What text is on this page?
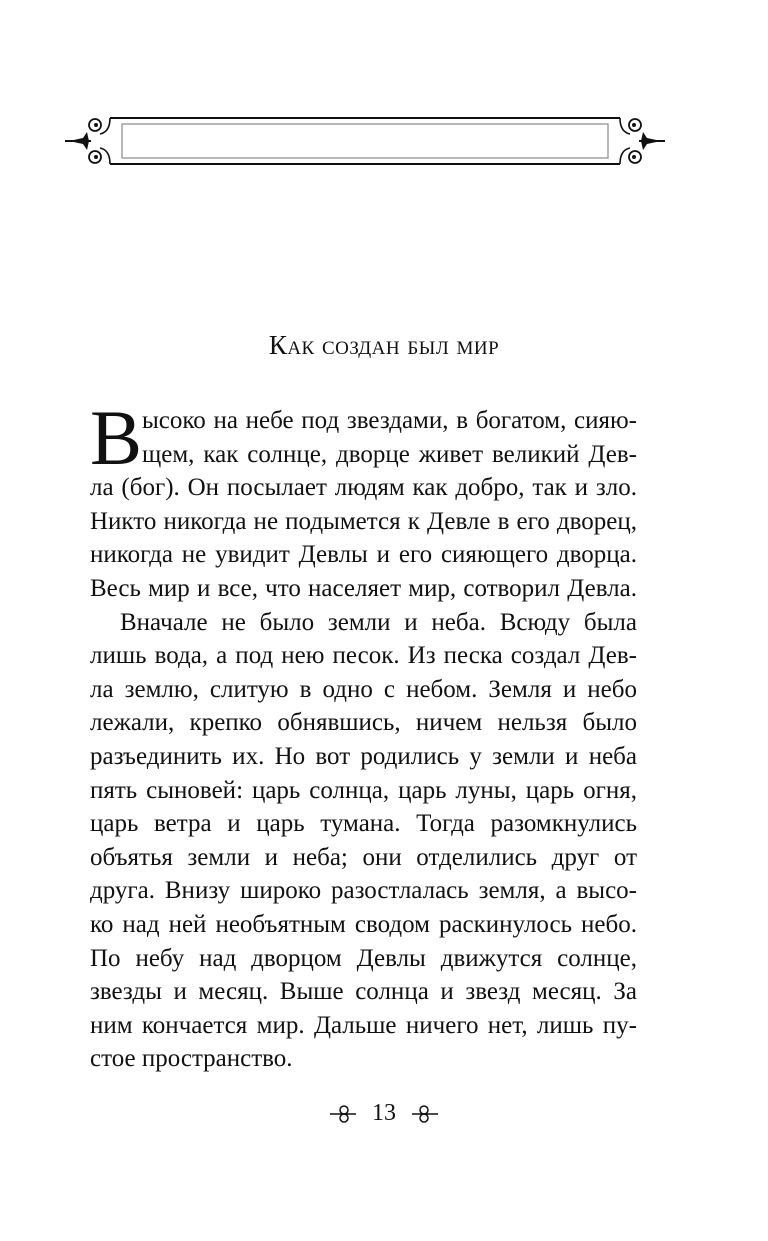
Как создан был мир
В ысоко на небе под звездами, в богатом, сияю-
щем, как солнце, дворце живет великий Дев-
ла (бог). Он посылает людям как добро, так и зло.
Никто никогда не подымется к Девле в его дворец,
никогда не увидит Девлы и его сияющего дворца.
Весь мир и все, что населяет мир, сотворил Девла.
Вначале не было земли и неба. Всюду была
лишь вода, а под нею песок. Из песка создал Дев-
ла землю, слитую в одно с небом. Земля и небо
лежали, крепко обнявшись, ничем нельзя было
разъединить их. Но вот родились у земли и неба
пять сыновей: царь солнца, царь луны, царь огня,
царь ветра и царь тумана. Тогда разомкнулись
объятья земли и неба; они отделились друг от
друга. Внизу широко разостлалась земля, а высо-
ко над ней необъятным сводом раскинулось небо.
По небу над дворцом Девлы движутся солнце,
звезды и месяц. Выше солнца и звезд месяц. За
ним кончается мир. Дальше ничего нет, лишь пу-
стое пространство.
13
